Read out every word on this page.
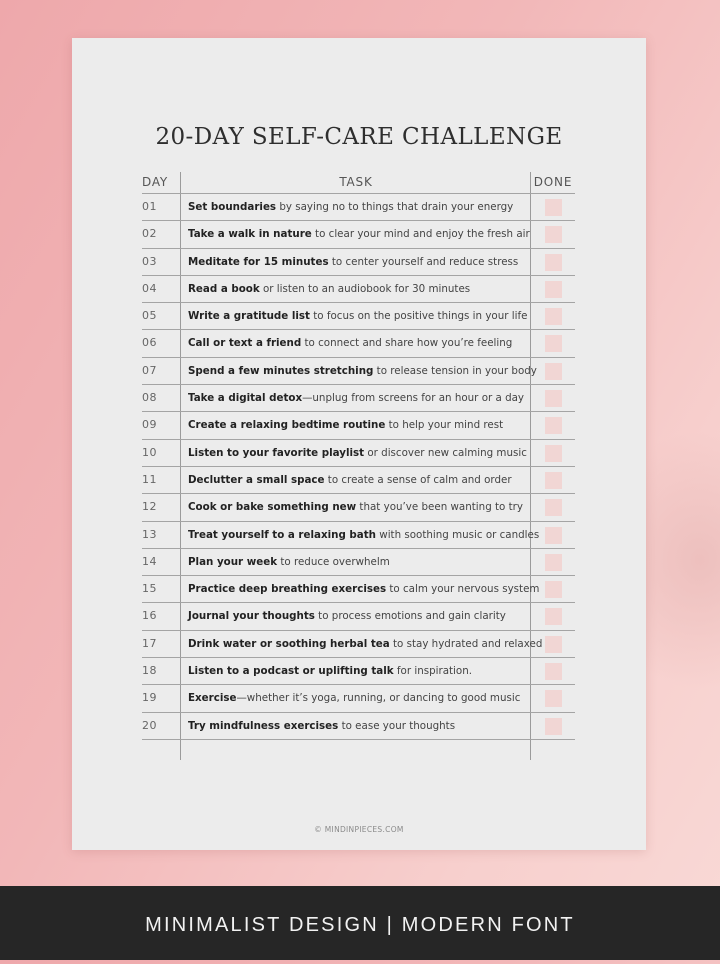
20-DAY SELF-CARE CHALLENGE
DAY	TASK	DONE
01	Set boundaries by saying no to things that drain your energy
02	Take a walk in nature to clear your mind and enjoy the fresh air
03	Meditate for 15 minutes to center yourself and reduce stress
04	Read a book or listen to an audiobook for 30 minutes
05	Write a gratitude list to focus on the positive things in your life
06	Call or text a friend to connect and share how you’re feeling
07	Spend a few minutes stretching to release tension in your body
08	Take a digital detox—unplug from screens for an hour or a day
09	Create a relaxing bedtime routine to help your mind rest
10	Listen to your favorite playlist or discover new calming music
11	Declutter a small space to create a sense of calm and order
12	Cook or bake something new that you’ve been wanting to try
13	Treat yourself to a relaxing bath with soothing music or candles
14	Plan your week to reduce overwhelm
15	Practice deep breathing exercises to calm your nervous system
16	Journal your thoughts to process emotions and gain clarity
17	Drink water or soothing herbal tea to stay hydrated and relaxed
18	Listen to a podcast or uplifting talk for inspiration.
19	Exercise—whether it’s yoga, running, or dancing to good music
20	Try mindfulness exercises to ease your thoughts
© MINDINPIECES.COM
MINIMALIST DESIGN | MODERN FONT
